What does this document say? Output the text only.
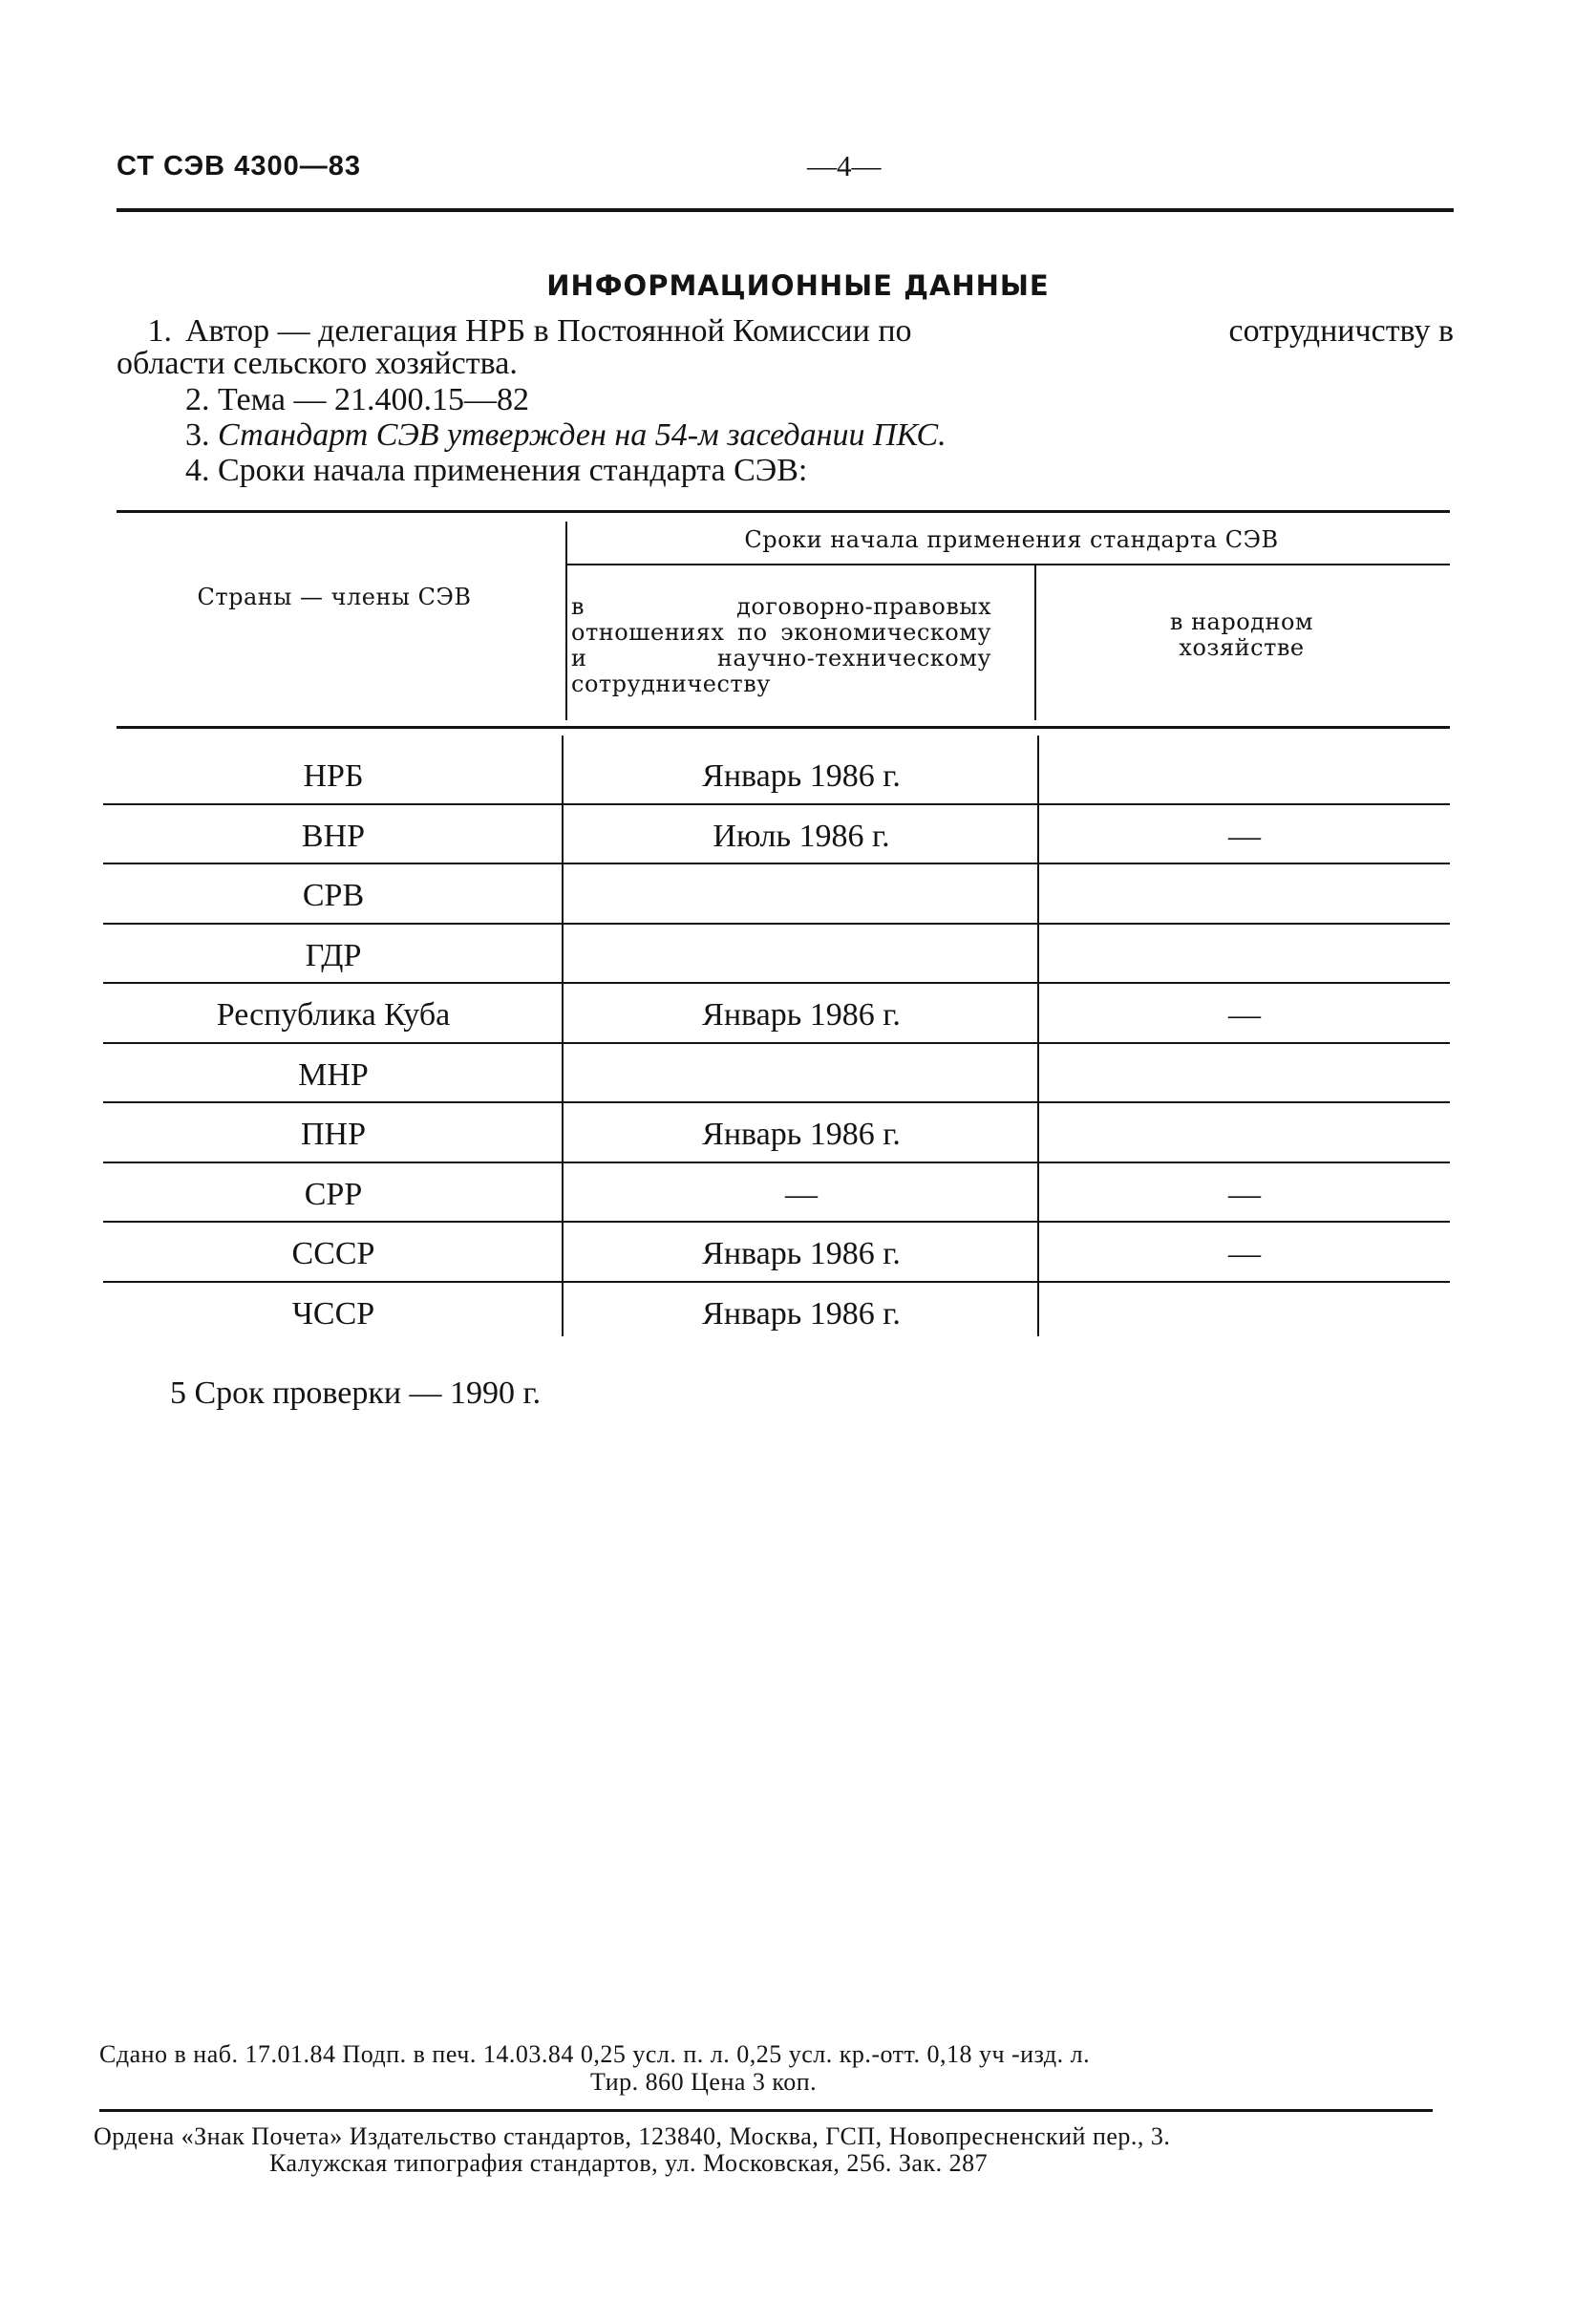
СТ СЭВ 4300—83	—4—
ИНФОРМАЦИОННЫЕ ДАННЫЕ
1. Автор — делегация НРБ в Постоянной Комиссии по	сотрудничству в
области сельского хозяйства.
2. Тема — 21.400.15—82
3. Стандарт СЭВ утвержден на 54-м заседании ПКС.
4. Сроки начала применения стандарта СЭВ:
Страны — члены СЭВ
Сроки начала применения стандарта СЭВ
в договорно-правовых отношениях по экономическому и научно-техническому сотрудничеству
в народном хозяйстве
НРБ	Январь 1986 г.
ВНР	Июль 1986 г.	—
СРВ
ГДР
Республика Куба	Январь 1986 г.	—
МНР
ПНР	Январь 1986 г.
СРР	—	—
СССР	Январь 1986 г.	—
ЧССР	Январь 1986 г.
5 Срок проверки — 1990 г.
Сдано в наб. 17.01.84 Подп. в печ. 14.03.84 0,25 усл. п. л. 0,25 усл. кр.-отт. 0,18 уч -изд. л.
Тир. 860 Цена 3 коп.
Ордена «Знак Почета» Издательство стандартов, 123840, Москва, ГСП, Новопресненский пер., 3.
Калужская типография стандартов, ул. Московская, 256. Зак. 287
